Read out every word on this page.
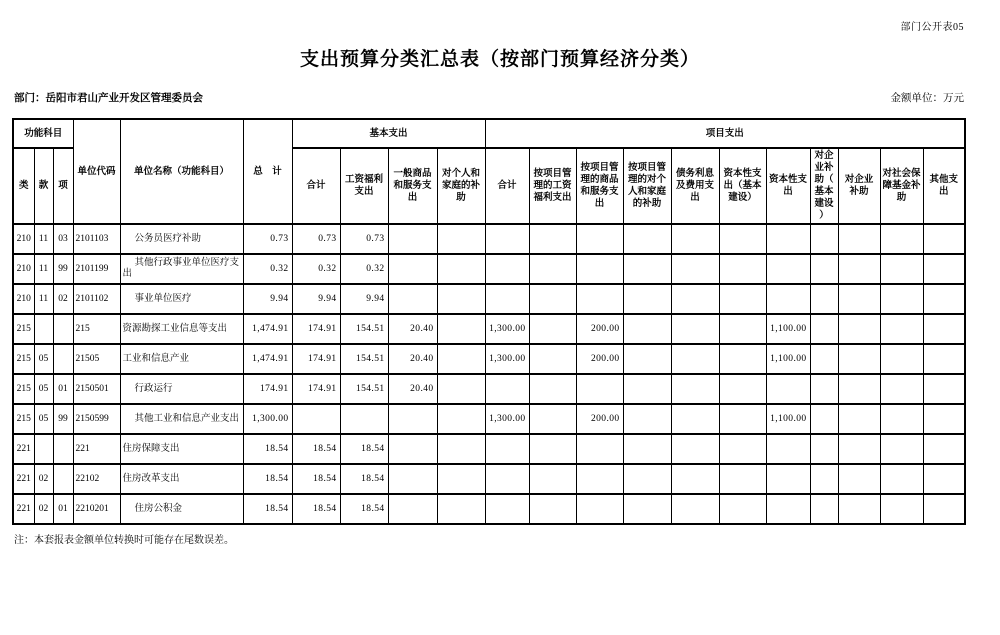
部门公开表05
支出预算分类汇总表（按部门预算经济分类）
部门：岳阳市君山产业开发区管理委员会	金额单位：万元
功能科目			单位代码	单位名称（功能科目）	总　计	基本支出				项目支出										
类	款	项				合计	工资福利支出	一般商品和服务支出	对个人和家庭的补助	合计	按项目管理的工资福利支出	按项目管理的商品和服务支出	按项目管理的对个人和家庭的补助	债务利息及费用支出	资本性支出（基本建设）	资本性支出	对企业补助（基本建设）	对企业补助	对社会保障基金补助	其他支出
210	11	03	2101103	公务员医疗补助	0.73	0.73	0.73													
210	11	99	2101199	其他行政事业单位医疗支出	0.32	0.32	0.32													
210	11	02	2101102	事业单位医疗	9.94	9.94	9.94													
215			215	资源勘探工业信息等支出	1,474.91	174.91	154.51	20.40		1,300.00		200.00				1,100.00				
215	05		21505	工业和信息产业	1,474.91	174.91	154.51	20.40		1,300.00		200.00				1,100.00				
215	05	01	2150501	行政运行	174.91	174.91	154.51	20.40												
215	05	99	2150599	其他工业和信息产业支出	1,300.00					1,300.00		200.00				1,100.00				
221			221	住房保障支出	18.54	18.54	18.54													
221	02		22102	住房改革支出	18.54	18.54	18.54													
221	02	01	2210201	住房公积金	18.54	18.54	18.54													
注：本套报表金额单位转换时可能存在尾数误差。
